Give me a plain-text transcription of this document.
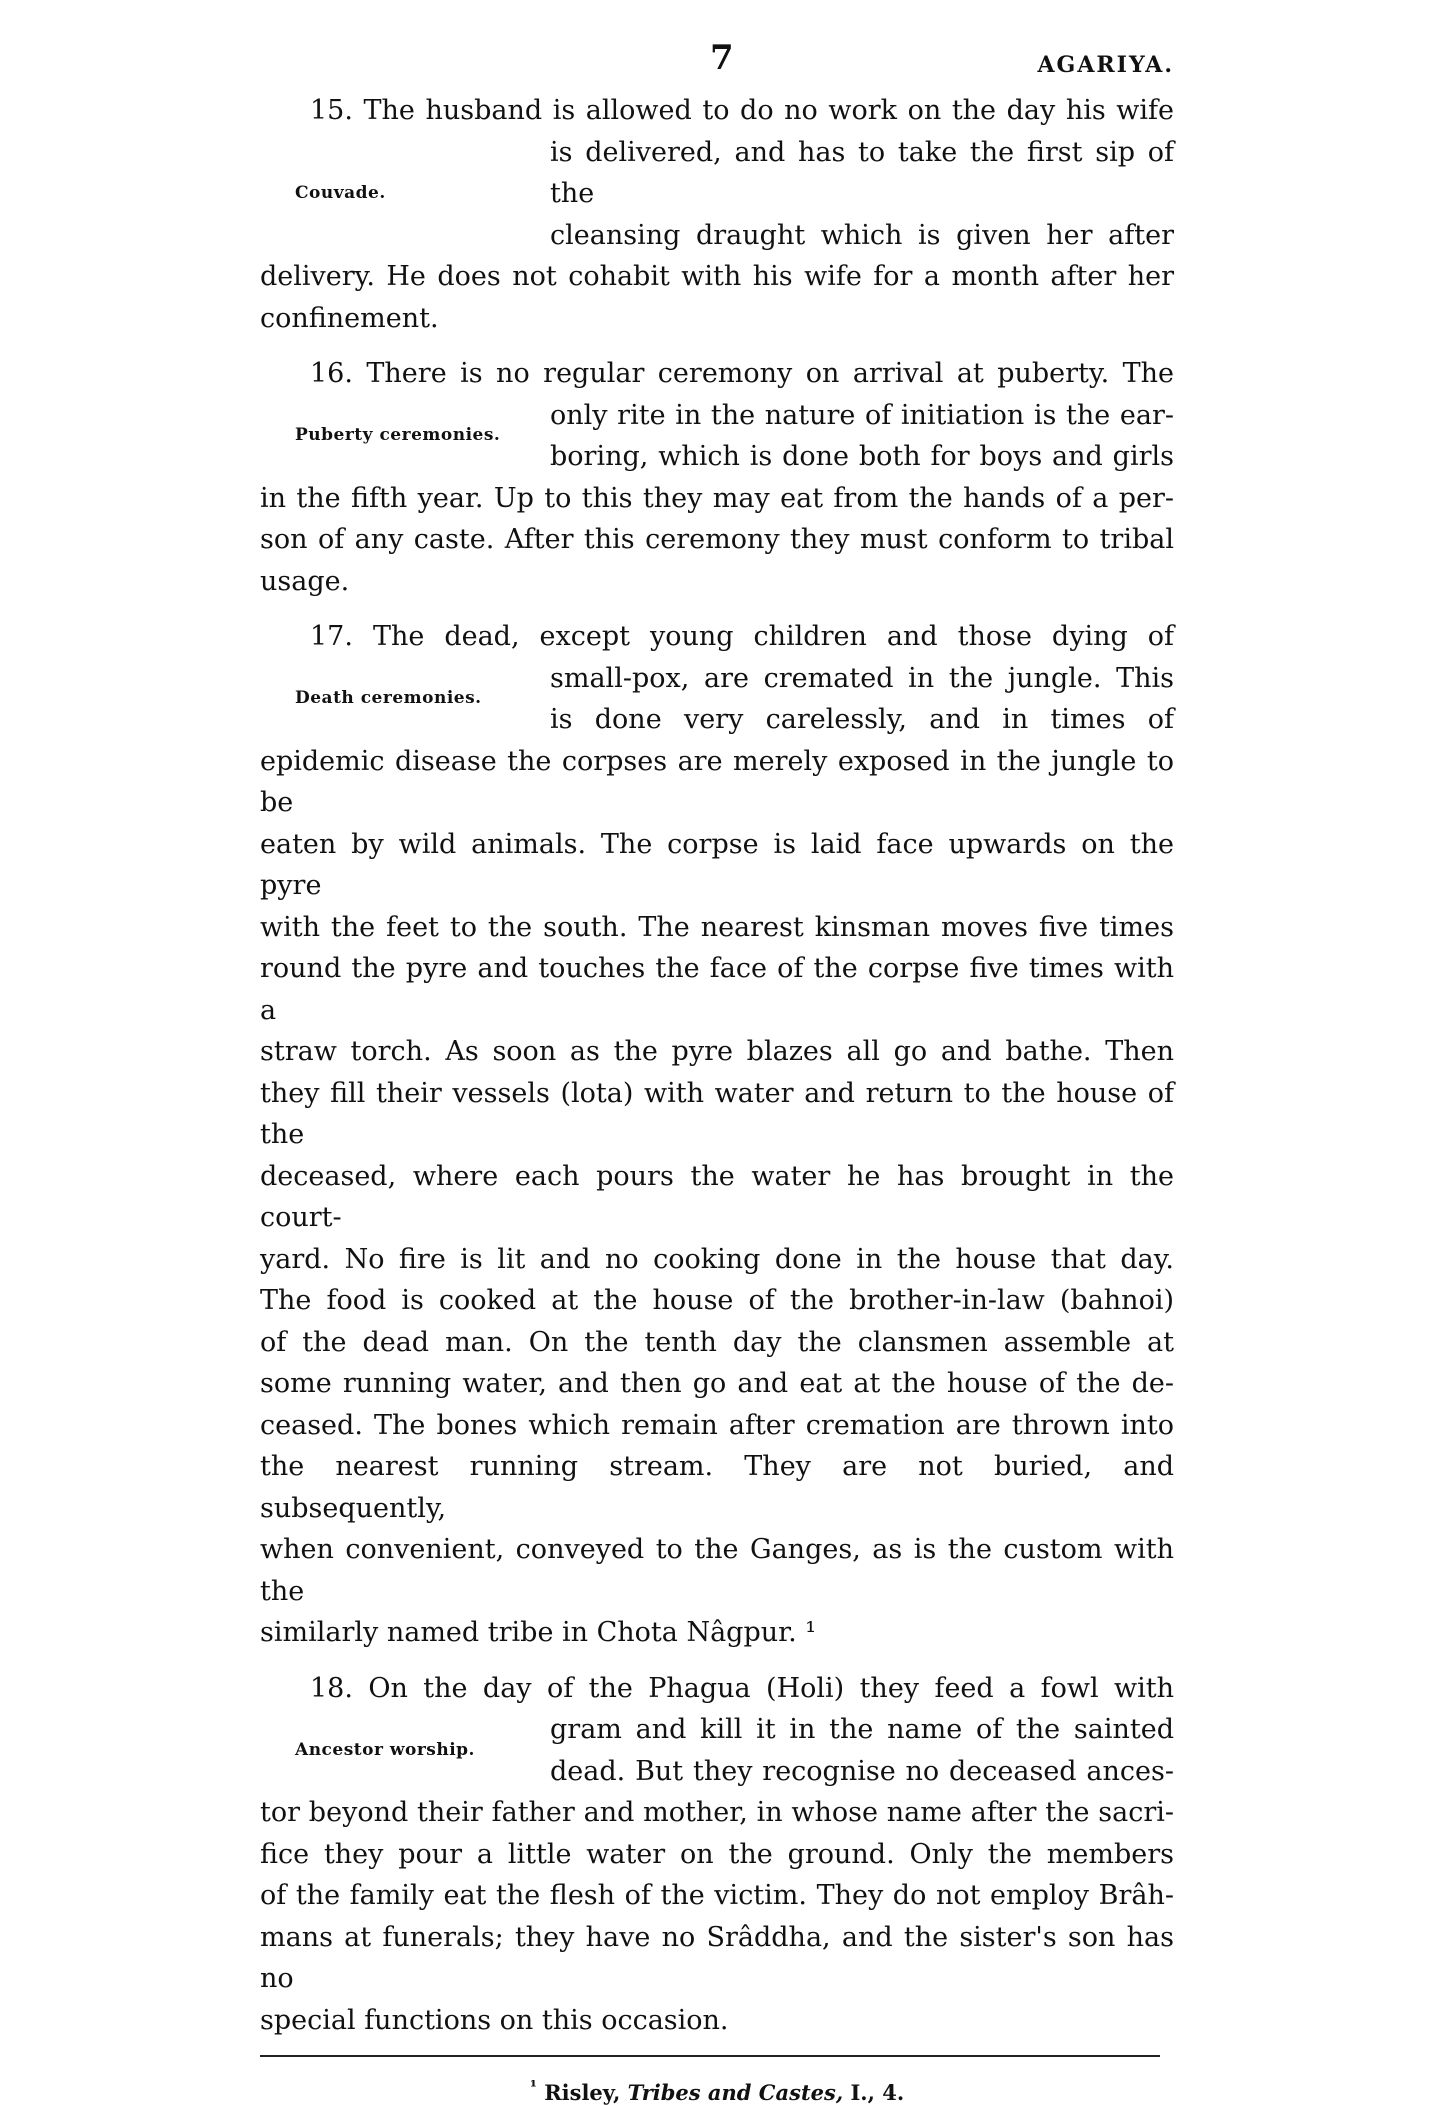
7	AGARIYA.
15. The husband is allowed to do no work on the day his wife
Couvade.
is delivered, and has to take the first sip of the
cleansing draught which is given her after
delivery. He does not cohabit with his wife for a month after her
confinement.
16. There is no regular ceremony on arrival at puberty. The
Puberty ceremonies.
only rite in the nature of initiation is the ear-
boring, which is done both for boys and girls
in the fifth year. Up to this they may eat from the hands of a per-
son of any caste. After this ceremony they must conform to tribal
usage.
17. The dead, except young children and those dying of
Death ceremonies.
small-pox, are cremated in the jungle. This
is done very carelessly, and in times of
epidemic disease the corpses are merely exposed in the jungle to be
eaten by wild animals. The corpse is laid face upwards on the pyre
with the feet to the south. The nearest kinsman moves five times
round the pyre and touches the face of the corpse five times with a
straw torch. As soon as the pyre blazes all go and bathe. Then
they fill their vessels (lota) with water and return to the house of the
deceased, where each pours the water he has brought in the court-
yard. No fire is lit and no cooking done in the house that day.
The food is cooked at the house of the brother-in-law (bahnoi)
of the dead man. On the tenth day the clansmen assemble at
some running water, and then go and eat at the house of the de-
ceased. The bones which remain after cremation are thrown into
the nearest running stream. They are not buried, and subsequently,
when convenient, conveyed to the Ganges, as is the custom with the
similarly named tribe in Chota Nâgpur. ¹
18. On the day of the Phagua (Holi) they feed a fowl with
Ancestor worship.
gram and kill it in the name of the sainted
dead. But they recognise no deceased ances-
tor beyond their father and mother, in whose name after the sacri-
fice they pour a little water on the ground. Only the members
of the family eat the flesh of the victim. They do not employ Brâh-
mans at funerals; they have no Srâddha, and the sister's son has no
special functions on this occasion.
$^{^1}$ Risley, Tribes and Castes, I., 4.
